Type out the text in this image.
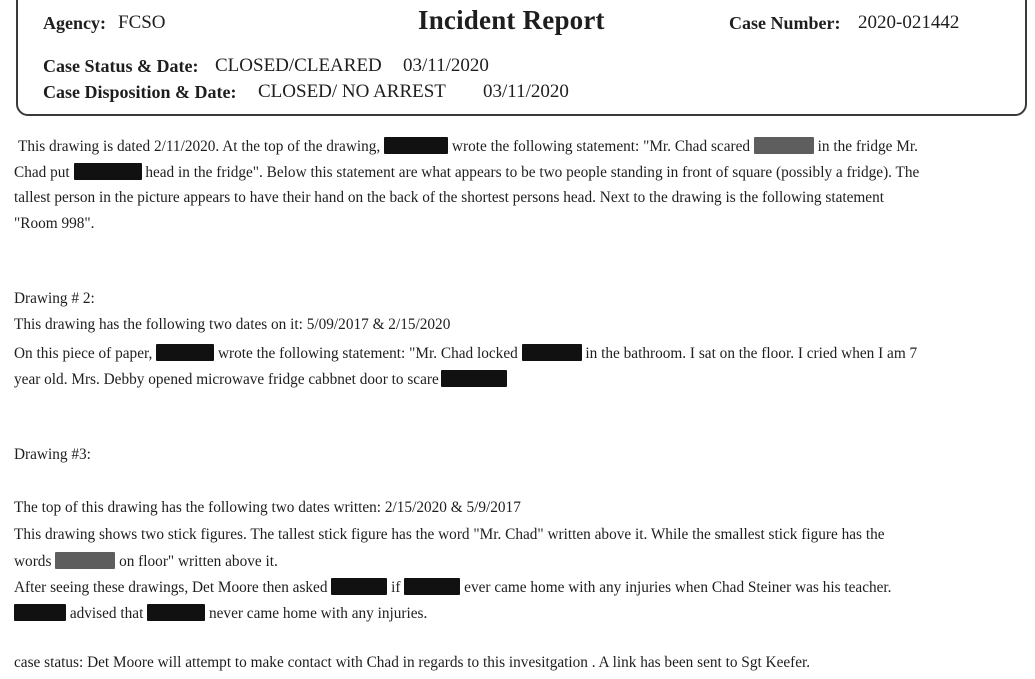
Agency: FCSO	Incident Report	Case Number: 2020-021442
Case Status & Date: CLOSED/CLEARED 03/11/2020
Case Disposition & Date: CLOSED/ NO ARREST 03/11/2020
This drawing is dated 2/11/2020. At the top of the drawing,	wrote the following statement: "Mr. Chad scared	in the fridge Mr.
Chad put	head in the fridge". Below this statement are what appears to be two people standing in front of square (possibly a fridge). The
tallest person in the picture appears to have their hand on the back of the shortest persons head. Next to the drawing is the following statement
"Room 998".
Drawing # 2:
This drawing has the following two dates on it: 5/09/2017 & 2/15/2020
On this piece of paper,	wrote the following statement: "Mr. Chad locked	in the bathroom. I sat on the floor. I cried when I am 7
year old. Mrs. Debby opened microwave fridge cabbnet door to scare
Drawing #3:
The top of this drawing has the following two dates written: 2/15/2020 & 5/9/2017
This drawing shows two stick figures. The tallest stick figure has the word "Mr. Chad" written above it. While the smallest stick figure has the
words	on floor" written above it.
After seeing these drawings, Det Moore then asked	if	ever came home with any injuries when Chad Steiner was his teacher.
advised that	never came home with any injuries.
case status: Det Moore will attempt to make contact with Chad in regards to this invesitgation . A link has been sent to Sgt Keefer.
